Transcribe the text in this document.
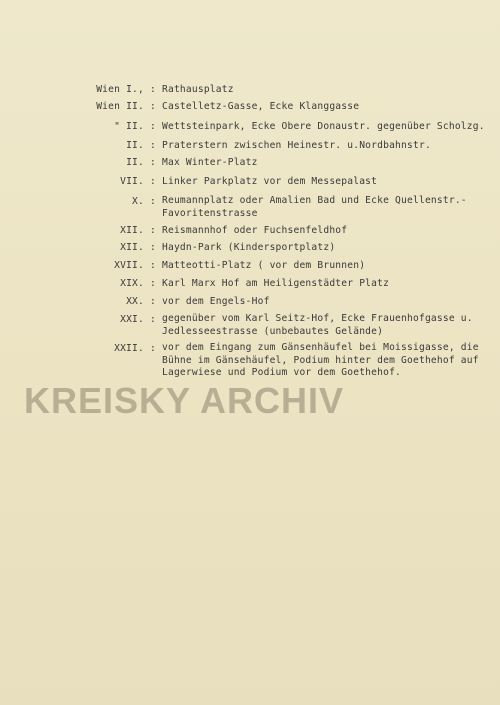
Wien I., : Rathausplatz
Wien II. : Castelletz-Gasse, Ecke Klanggasse
" II. : Wettsteinpark, Ecke Obere Donaustr. gegenüber Scholzg.
II. : Praterstern zwischen Heinestr. u.Nordbahnstr.
II. : Max Winter-Platz
VII. : Linker Parkplatz vor dem Messepalast
X. : Reumannplatz oder Amalien Bad und Ecke Quellenstr.- Favoritenstrasse
XII. : Reismannhof oder Fuchsenfeldhof
XII. : Haydn-Park (Kindersportplatz)
XVII. : Matteotti-Platz ( vor dem Brunnen)
XIX. : Karl Marx Hof am Heiligenstädter Platz
XX. : vor dem Engels-Hof
XXI. : gegenüber vom Karl Seitz-Hof, Ecke Frauenhofgasse u. Jedlesseestrasse (unbebautes Gelände)
XXII. : vor dem Eingang zum Gänsenhäufel bei Moissigasse, die Bühne im Gänsehäufel, Podium hinter dem Goethehof auf Lagerwiese und Podium vor dem Goethehof.
KREISKY ARCHIV
